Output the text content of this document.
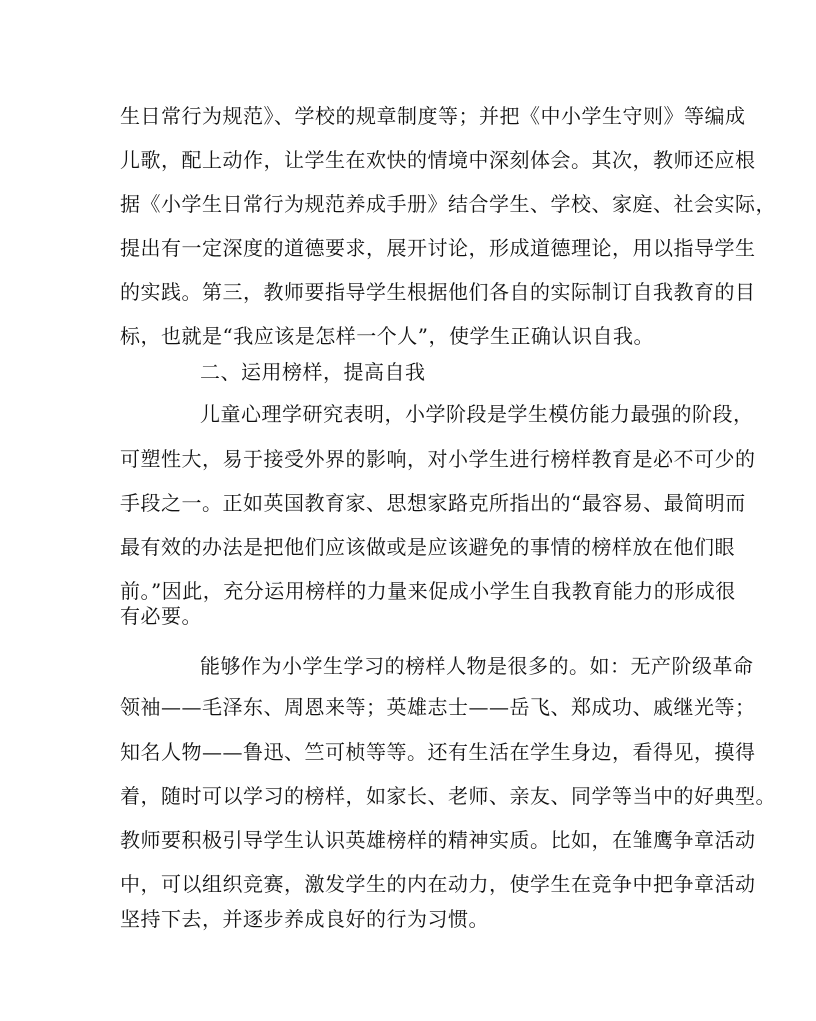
生日常行为规范》、学校的规章制度等；并把《中小学生守则》等编成
儿歌，配上动作，让学生在欢快的情境中深刻体会。其次，教师还应根
据《小学生日常行为规范养成手册》结合学生、学校、家庭、社会实际，
提出有一定深度的道德要求，展开讨论，形成道德理论，用以指导学生
的实践。第三，教师要指导学生根据他们各自的实际制订自我教育的目
标，也就是“我应该是怎样一个人”，使学生正确认识自我。
二、运用榜样，提高自我
儿童心理学研究表明，小学阶段是学生模仿能力最强的阶段，
可塑性大，易于接受外界的影响，对小学生进行榜样教育是必不可少的
手段之一。正如英国教育家、思想家路克所指出的“最容易、最简明而
最有效的办法是把他们应该做或是应该避免的事情的榜样放在他们眼
前。”因此，充分运用榜样的力量来促成小学生自我教育能力的形成很
有必要。
能够作为小学生学习的榜样人物是很多的。如：无产阶级革命
领袖——毛泽东、周恩来等；英雄志士——岳飞、郑成功、戚继光等；
知名人物——鲁迅、竺可桢等等。还有生活在学生身边，看得见，摸得
着，随时可以学习的榜样，如家长、老师、亲友、同学等当中的好典型。
教师要积极引导学生认识英雄榜样的精神实质。比如，在雏鹰争章活动
中，可以组织竞赛，激发学生的内在动力，使学生在竞争中把争章活动
坚持下去，并逐步养成良好的行为习惯。
